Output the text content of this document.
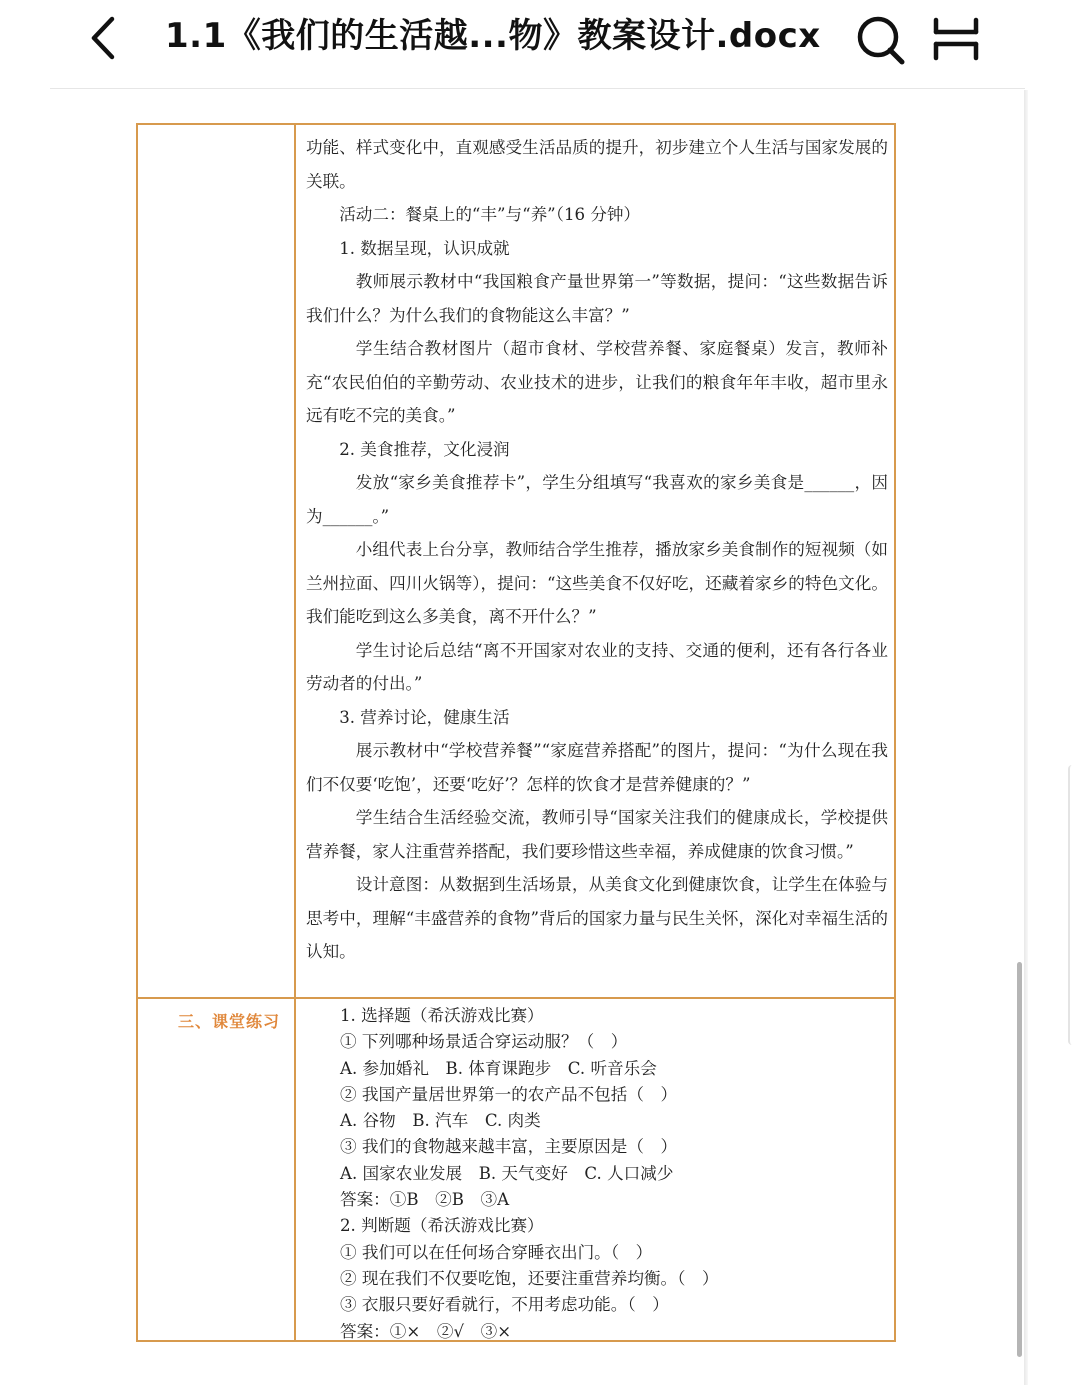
1.1《我们的生活越...物》教案设计.docx

功能、样式变化中，直观感受生活品质的提升，初步建立个人生活与国家发展的关联。

活动二：餐桌上的“丰”与“养”（16 分钟）

1. 数据呈现，认识成就

教师展示教材中“我国粮食产量世界第一”等数据，提问：“这些数据告诉我们什么？为什么我们的食物能这么丰富？”

学生结合教材图片（超市食材、学校营养餐、家庭餐桌）发言，教师补充“农民伯伯的辛勤劳动、农业技术的进步，让我们的粮食年年丰收，超市里永远有吃不完的美食。”

2. 美食推荐，文化浸润

发放“家乡美食推荐卡”，学生分组填写“我喜欢的家乡美食是______，因为______。”

小组代表上台分享，教师结合学生推荐，播放家乡美食制作的短视频（如兰州拉面、四川火锅等），提问：“这些美食不仅好吃，还藏着家乡的特色文化。我们能吃到这么多美食，离不开什么？”

学生讨论后总结“离不开国家对农业的支持、交通的便利，还有各行各业劳动者的付出。”

3. 营养讨论，健康生活

展示教材中“学校营养餐”“家庭营养搭配”的图片，提问：“为什么现在我们不仅要‘吃饱’，还要‘吃好’？怎样的饮食才是营养健康的？”

学生结合生活经验交流，教师引导“国家关注我们的健康成长，学校提供营养餐，家人注重营养搭配，我们要珍惜这些幸福，养成健康的饮食习惯。”

设计意图：从数据到生活场景，从美食文化到健康饮食，让学生在体验与思考中，理解“丰盛营养的食物”背后的国家力量与民生关怀，深化对幸福生活的认知。

三、课堂练习	1. 选择题（希沃游戏比赛）

① 下列哪种场景适合穿运动服？（　）

A. 参加婚礼　B. 体育课跑步　C. 听音乐会

② 我国产量居世界第一的农产品不包括（　）

A. 谷物　B. 汽车　C. 肉类

③ 我们的食物越来越丰富，主要原因是（　）

A. 国家农业发展　B. 天气变好　C. 人口减少

答案：①B　②B　③A

2. 判断题（希沃游戏比赛）

① 我们可以在任何场合穿睡衣出门。（　）

② 现在我们不仅要吃饱，还要注重营养均衡。（　）

③ 衣服只要好看就行，不用考虑功能。（　）

答案：①×　②√　③×
